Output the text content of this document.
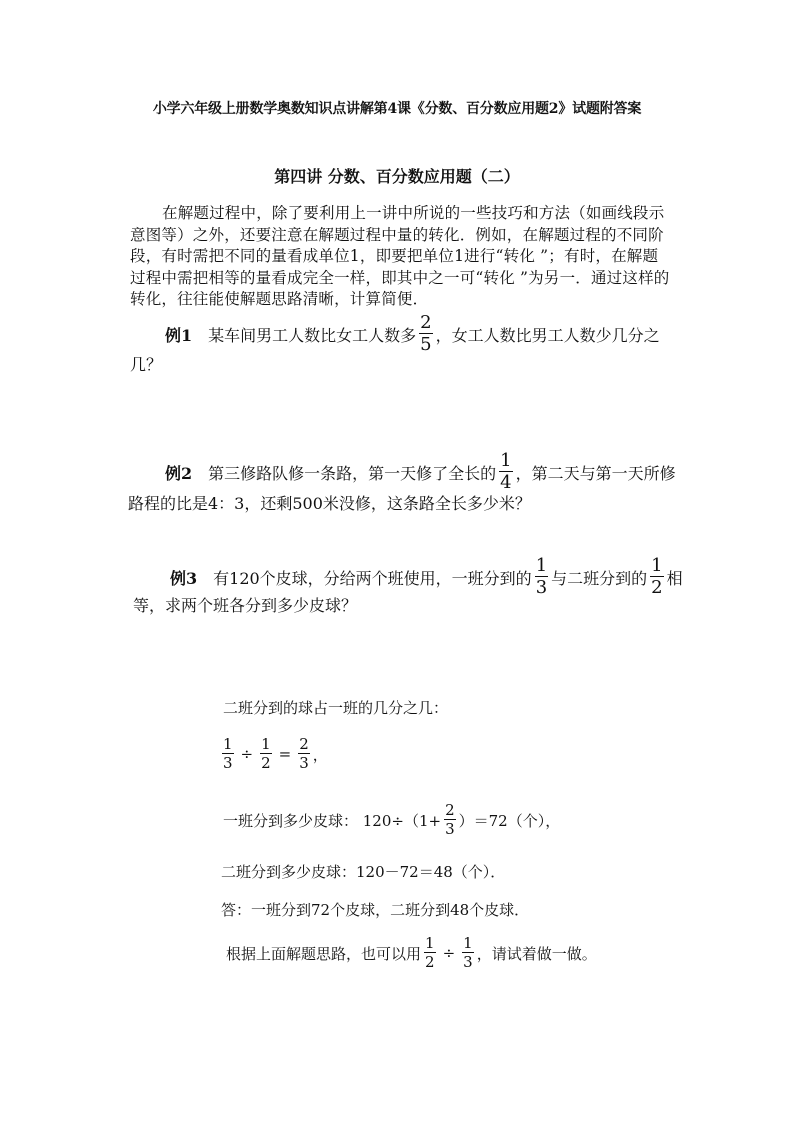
小学六年级上册数学奥数知识点讲解第4课《分数、百分数应用题2》试题附答案
第四讲 分数、百分数应用题（二）
在解题过程中，除了要利用上一讲中所说的一些技巧和方法（如画线段示意图等）之外，还要注意在解题过程中量的转化．例如，在解题过程的不同阶段，有时需把不同的量看成单位1，即要把单位1进行“转化 ”；有时，在解题过程中需把相等的量看成完全一样，即其中之一可“转化 ”为另一．通过这样的转化，往往能使解题思路清晰，计算简便．
例1 某车间男工人数比女工人数多 $\frac{2}{5}$ ，女工人数比男工人数少几分之
几？
例2 第三修路队修一条路，第一天修了全长的 $\frac{1}{4}$ ，第二天与第一天所修
路程的比是4：3，还剩500米没修，这条路全长多少米？
例3 有120个皮球，分给两个班使用，一班分到的 $\frac{1}{3}$ 与二班分到的 $\frac{1}{2}$ 相
等，求两个班各分到多少皮球？
二班分到的球占一班的几分之几：
$\frac{1}{3} \div \frac{1}{2} = \frac{2}{3}$ ，
一班分到多少皮球： $120\div(1+ \frac{2}{3} )=72$（个），
二班分到多少皮球：120－72＝48（个）．
答：一班分到72个皮球，二班分到48个皮球．
根据上面解题思路，也可以用 $\frac{1}{2} \div \frac{1}{3}$ ，请试着做一做。
